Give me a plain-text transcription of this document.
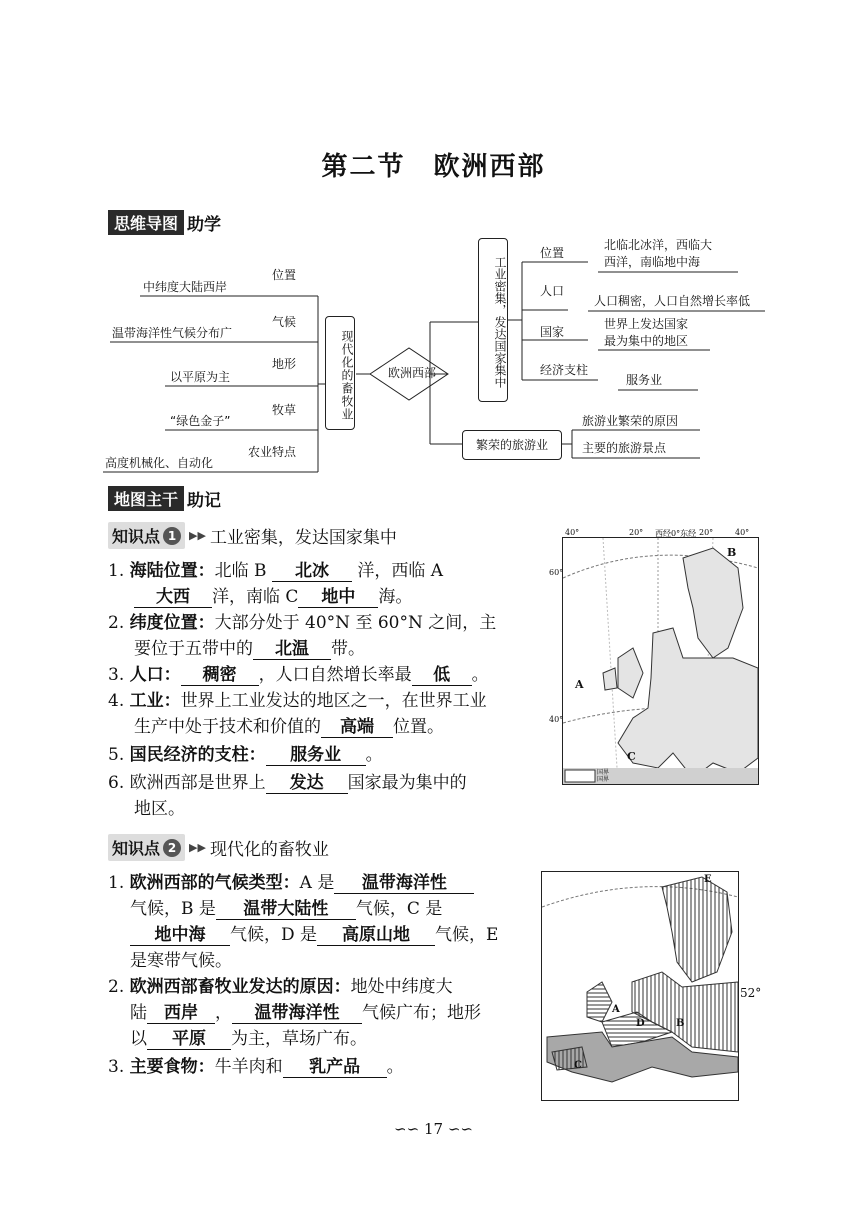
第二节　欧洲西部
思维导图 助学
位置
气候
地形
牧草
农业特点
中纬度大陆西岸
温带海洋性气候分布广
以平原为主
“绿色金子”
高度机械化、自动化
现代化的畜牧业	欧洲西部	工业密集，发达国家集中
位置
人口
国家
经济支柱
北临北冰洋，西临大
西洋，南临地中海
人口稠密，人口自然增长率低
世界上发达国家
最为集中的地区
服务业
繁荣的旅游业
旅游业繁荣的原因
主要的旅游景点
地图主干 助记
知识点 1	▶▶ 工业密集，发达国家集中
1. 海陆位置：北临 B 北冰 洋，西临 A
大西 洋，南临 C 地中 海。
2. 纬度位置：大部分处于 40°N 至 60°N 之间，主
要位于五带中的 北温 带。
3. 人口： 稠密 ，人口自然增长率最 低 。
4. 工业：世界上工业发达的地区之一，在世界工业
生产中处于技术和价值的 高端 位置。
5. 国民经济的支柱： 服务业 。
6. 欧洲西部是世界上 发达 国家最为集中的
地区。
40°	20° 西经0°东经 20°	40°
60°
40°
B
A
C
国界
国界
知识点 2	▶▶ 现代化的畜牧业
1. 欧洲西部的气候类型：A 是 温带海洋性
气候，B 是 温带大陆性 气候，C 是
地中海 气候，D 是 高原山地 气候，E
是寒带气候。
2. 欧洲西部畜牧业发达的原因：地处中纬度大
陆 西岸 ， 温带海洋性 气候广布；地形
以 平原 为主，草场广布。
3. 主要食物：牛羊肉和 乳产品 。
E
A
D	B
C
52°
∽∽ 17 ∽∽
